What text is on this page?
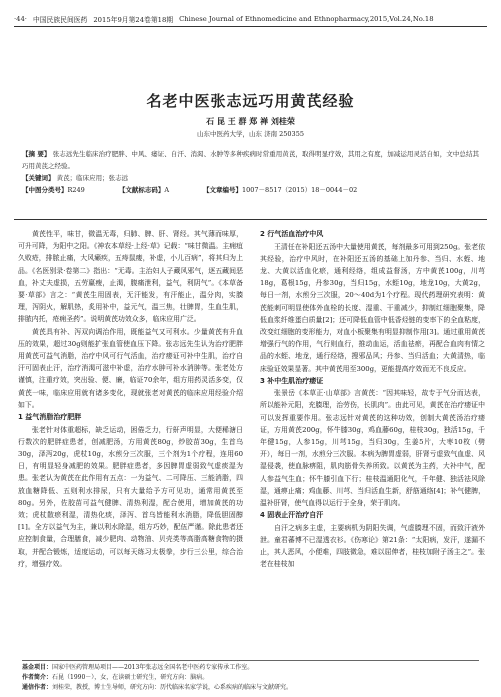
·44· 中国民族民间医药 2015年9月第24卷第18期 Chinese Journal of Ethnomedicine and Ethnopharmacy,2015,Vol.24,No.18
名老中医张志远巧用黄芪经验
石 昆 王 群 郑 禅 刘桂荣
山东中医药大学，山东 济南 250355
【摘 要】 张志远先生临床治疗肥胖、中风、痿证、自汗、消渴、水肿等多种疾病时常重用黄芪，取得明显疗效，其用之有度，加减运用灵活自如，文中总结其巧用黄芪之经验。
【关键词】 黄芪；临床应用；张志远
【中图分类号】R249	【文献标志码】A	【文章编号】1007－8517（2015）18－0044－02

黄芪性平，味甘，微温无毒，归肺、脾、肝、肾经。其气薄而味厚，可升可降，为阳中之阳。《神农本草经·上经·草》记载：“味甘微温。主痈疽久败疮，排脓止痛，大风癞疾，五痔鼠瘘，补虚，小儿百病”，将其归为上品。《名医别录·卷第二》指出：“无毒。主治妇人子藏风邪气，逐五藏间恶血，补丈夫虚损，五劳羸瘦，止渴，腹痛泄利，益气，利阴气”。《本草备要·草部》言之：“黄芪生用固表，无汗能发，有汗能止，温分肉，实腠理，泻阴火，解肌热，炙用补中，益元气，温三焦，壮脾胃，生血生肌，排脓内托，疮痈圣药”。说明黄芪功效众多，临床应用广泛。

黄芪具有补、泻双向调治作用，既能益气又可利水。少量黄芪有升血压的效果，超过30g则能扩张血管使血压下降。张志远先生认为治疗肥胖用黄芪可益气消脂，治疗中风可行气活血，治疗痿证可补中生肌，治疗自汗可固表止汗，治疗消渴可滋中补虚，治疗水肿可补水消肿等。张老处方谨慎，注重疗效，突出验、便、廉，临证70余年，组方用药灵活多变，仅黄芪一味，临床应用就有诸多变化，现就张老对黄芪的临床应用经验介绍如下。

1 益气消脂治疗肥胖

张老针对体重超标，缺乏运动，困倦乏力，行鼾声明显，大便稀溏日行数次的肥胖症患者，创减肥汤，方用黄芪80g，炒胶苗30g，生首乌30g，泽泻20g，虎杖10g，水煎分三次服，三个剂为1个疗程，连用60日，有明显轻身减肥的效果。肥胖症患者，多因脾胃虚弱致气虚痰湿为患。张老认为黄芪在此作用有五点：一为益气、二可降压、三能消脂，四放血糖降低、五则利水排尿，只有大量给予方可见功，通常用黄芪至80g。另外，佐胶苗可益气健脾、清热利湿，配合使用，增加黄芪的功效；虎杖散瘀利湿，清热化痰，泽泻、首乌皆能利水消脂，降低胆固醇[1]。全方以益气为主，兼以利水除湿，组方巧妙，配伍严谨。除此患者还应控制食量，合理膳食，减少肥肉、动物油、贝壳类等高脂高糖食物的摄取，并配合锻炼，适度运动，可以每天练习太极拳，步行三公里，综合治疗，增强疗效。

2 行气活血治疗中风

王清任在补阳还五汤中大量使用黄芪，每剂最多可用到250g。张老依其经验，治疗中风时，在补阳还五汤的基础上加丹参、当归、水蛭、地龙、大黄以活血化瘀，通利经络，组成益督汤，方中黄芪100g，川芎18g，葛根15g，丹参30g，当归15g，水蛭10g，地龙10g，大黄2g，每日一剂，水煎分三次服，20～40d为1个疗程。现代药理研究表明：黄芪能刺可明显使体外血栓的长度、湿重、干重减少，抑制红细胞聚集，降低血浆纤维蛋白质量[2]；还可降低血管中低香烃链的变率下的全血粘度，改变红细胞的变形能力，对血小板聚集有明显抑制作用[3]。通过重用黄芪增强行气的作用，气行则血行，推动血运，活血祛瘀，再配合血肉有情之品的水蛭、地龙，通行经络，搜邪品风；丹参、当归活血；大黄清热，临床验证效果显著。其中黄芪用至300g，更能提高疗效而无不良反应。

3 补中生肌治疗痿证

张景岳《本草正·山草部》言黄芪：“因其味轻，故专于气分而达表，所以能补元阳，充腠理，治劳伤，长肌肉”。由此可见，黄芪在治疗痿证中可以发挥重要作用。张志远针对黄芪的这种功效，创制大黄芪汤治疗痿证，方用黄芪200g，怀牛膝30g，鸡血藤60g，桂枝30g，独活15g，千年健15g，人参15g，川芎15g，当归30g，生姜5片，大枣10枚（劈开），每日一剂，水煎分三次服。本病为脾胃虚弱，肝肾亏虚致气血虚、风湿侵袭，使血脉痹阻，肌肉筋骨失养所致。以黄芪为主药，大补中气，配人参益气生血；怀牛膝引血下行；桂枝温通阳化气，千年健、独活祛风除湿，通痹止痛；鸡血藤、川芎、当归活血生新，舒筋通络[4]；补气健脾，温补肝肾，使气血得以运行于全身，荣于肌肉。

4 固表止汗治疗自汗

自汗之病多主虚，主要病机为阴阳失调，气虚腠理不固，而致汗液外泄。童君蕃博不已湿透衣衫。《伤寒论》第21条：“太阳病，发汗，遂漏不止，其人恶风，小便难，四肢微急，难以屈伸者，桂枝加附子汤主之”。张老在桂枝加

基金项目：国家中医药管理局项目——2013年张志远全国名老中医药专家传承工作室。
作者简介：石昆（1990－），女，在读硕士研究生，研究方向：脑病。
通信作者：刘桂荣，教授，博士生导师，研究方向：历代临床名家学说，心系疾病的临床与文献研究。
